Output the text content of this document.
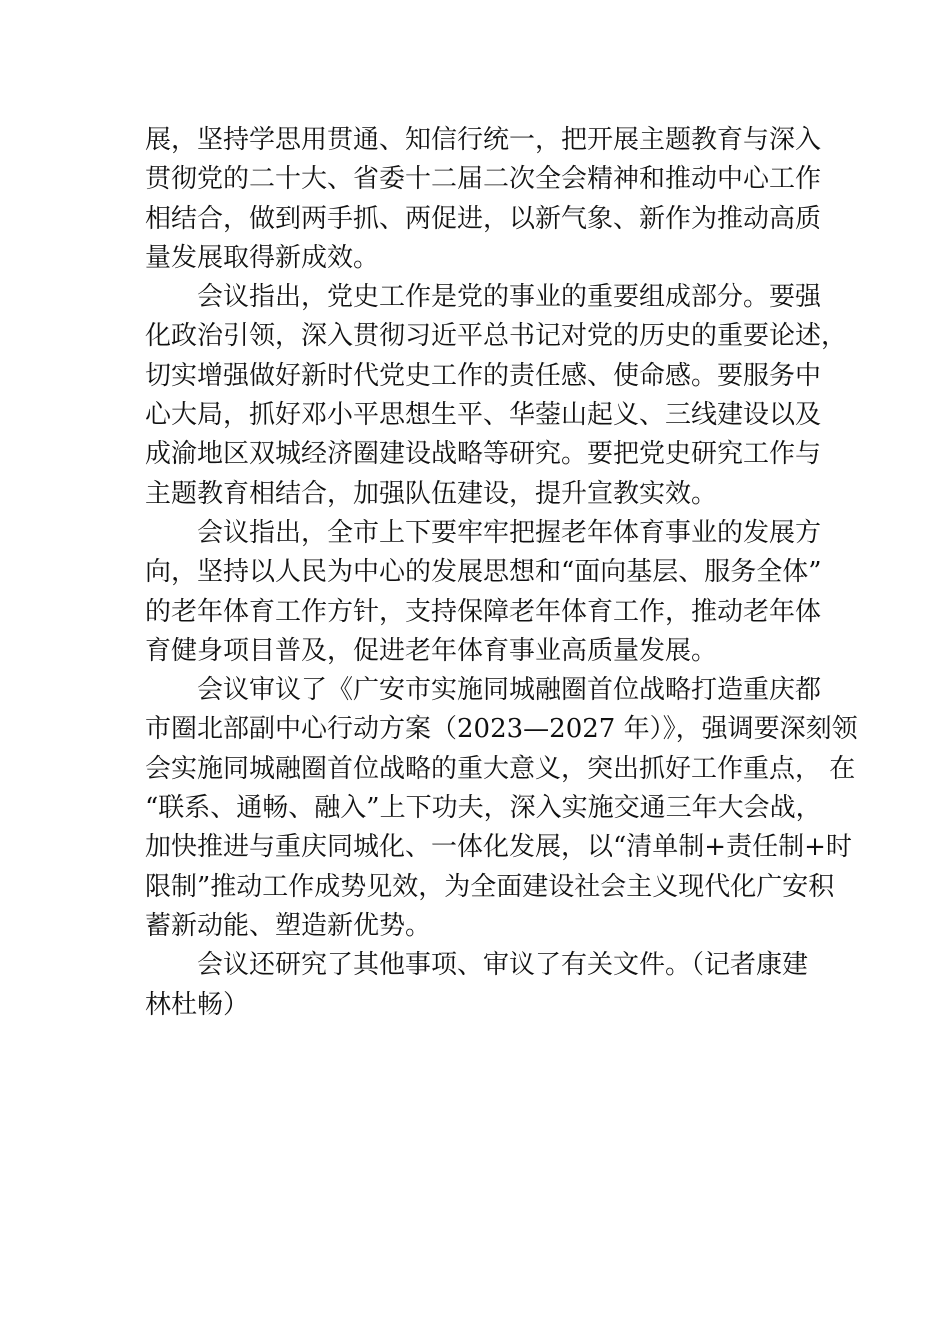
展，坚持学思用贯通、知信行统一，把开展主题教育与深入
贯彻党的二十大、省委十二届二次全会精神和推动中心工作
相结合，做到两手抓、两促进，以新气象、新作为推动高质
量发展取得新成效。
会议指出，党史工作是党的事业的重要组成部分。要强
化政治引领，深入贯彻习近平总书记对党的历史的重要论述，
切实增强做好新时代党史工作的责任感、使命感。要服务中
心大局，抓好邓小平思想生平、华蓥山起义、三线建设以及
成渝地区双城经济圈建设战略等研究。要把党史研究工作与
主题教育相结合，加强队伍建设，提升宣教实效。
会议指出，全市上下要牢牢把握老年体育事业的发展方
向，坚持以人民为中心的发展思想和“面向基层、服务全体”
的老年体育工作方针，支持保障老年体育工作，推动老年体
育健身项目普及，促进老年体育事业高质量发展。
会议审议了《广安市实施同城融圈首位战略打造重庆都
市圈北部副中心行动方案（2023—2027 年）》，强调要深刻领
会实施同城融圈首位战略的重大意义，突出抓好工作重点， 在
“联系、通畅、融入”上下功夫，深入实施交通三年大会战，
加快推进与重庆同城化、一体化发展，以“清单制+责任制+时
限制”推动工作成势见效，为全面建设社会主义现代化广安积
蓄新动能、塑造新优势。
会议还研究了其他事项、审议了有关文件。（记者康建
林杜畅）
